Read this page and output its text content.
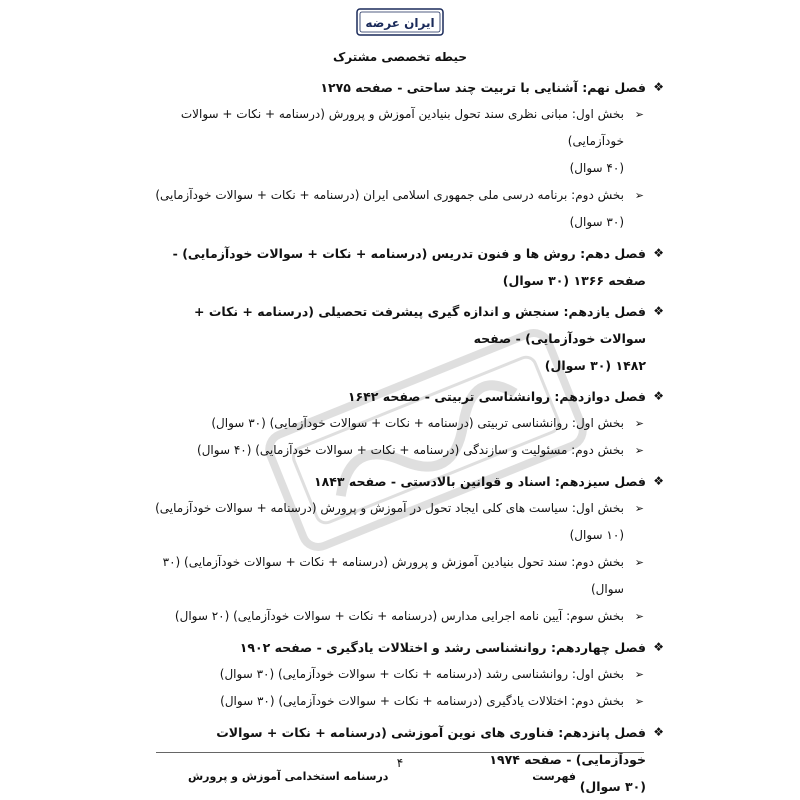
ایران عرضه
حیطه تخصصی مشترک
❖
فصل نهم: آشنایی با تربیت چند ساحتی - صفحه ۱۲۷۵
➢
بخش اول: مبانی نظری سند تحول بنیادین آموزش و پرورش (درسنامه + نکات + سوالات خودآزمایی)
(۴۰ سوال)
➢
بخش دوم: برنامه درسی ملی جمهوری اسلامی ایران (درسنامه + نکات + سوالات خودآزمایی)
(۳۰ سوال)
❖
فصل دهم: روش ها و فنون تدریس (درسنامه + نکات + سوالات خودآزمایی) - صفحه ۱۳۶۶ (۳۰ سوال)
❖
فصل یازدهم: سنجش و اندازه گیری پیشرفت تحصیلی (درسنامه + نکات + سوالات خودآزمایی) - صفحه
۱۴۸۲ (۳۰ سوال)
❖
فصل دوازدهم: روانشناسی تربیتی - صفحه ۱۶۴۲
➢
بخش اول: روانشناسی تربیتی (درسنامه + نکات + سوالات خودآزمایی) (۳۰ سوال)
➢
بخش دوم: مسئولیت و سازندگی (درسنامه + نکات + سوالات خودآزمایی) (۴۰ سوال)
❖
فصل سیزدهم: اسناد و قوانین بالادستی - صفحه ۱۸۴۳
➢
بخش اول: سیاست های کلی ایجاد تحول در آموزش و پرورش (درسنامه + سوالات خودآزمایی)
(۱۰ سوال)
➢
بخش دوم: سند تحول بنیادین آموزش و پرورش (درسنامه + نکات + سوالات خودآزمایی) (۳۰ سوال)
➢
بخش سوم: آیین نامه اجرایی مدارس (درسنامه + نکات + سوالات خودآزمایی) (۲۰ سوال)
❖
فصل چهاردهم: روانشناسی رشد و اختلالات یادگیری - صفحه ۱۹۰۲
➢
بخش اول: روانشناسی رشد (درسنامه + نکات + سوالات خودآزمایی) (۳۰ سوال)
➢
بخش دوم: اختلالات یادگیری (درسنامه + نکات + سوالات خودآزمایی) (۳۰ سوال)
❖
فصل پانزدهم: فناوری های نوین آموزشی (درسنامه + نکات + سوالات خودآزمایی) - صفحه ۱۹۷۴
(۳۰ سوال)
۴
درسنامه استخدامی آموزش و پرورش	فهرست
